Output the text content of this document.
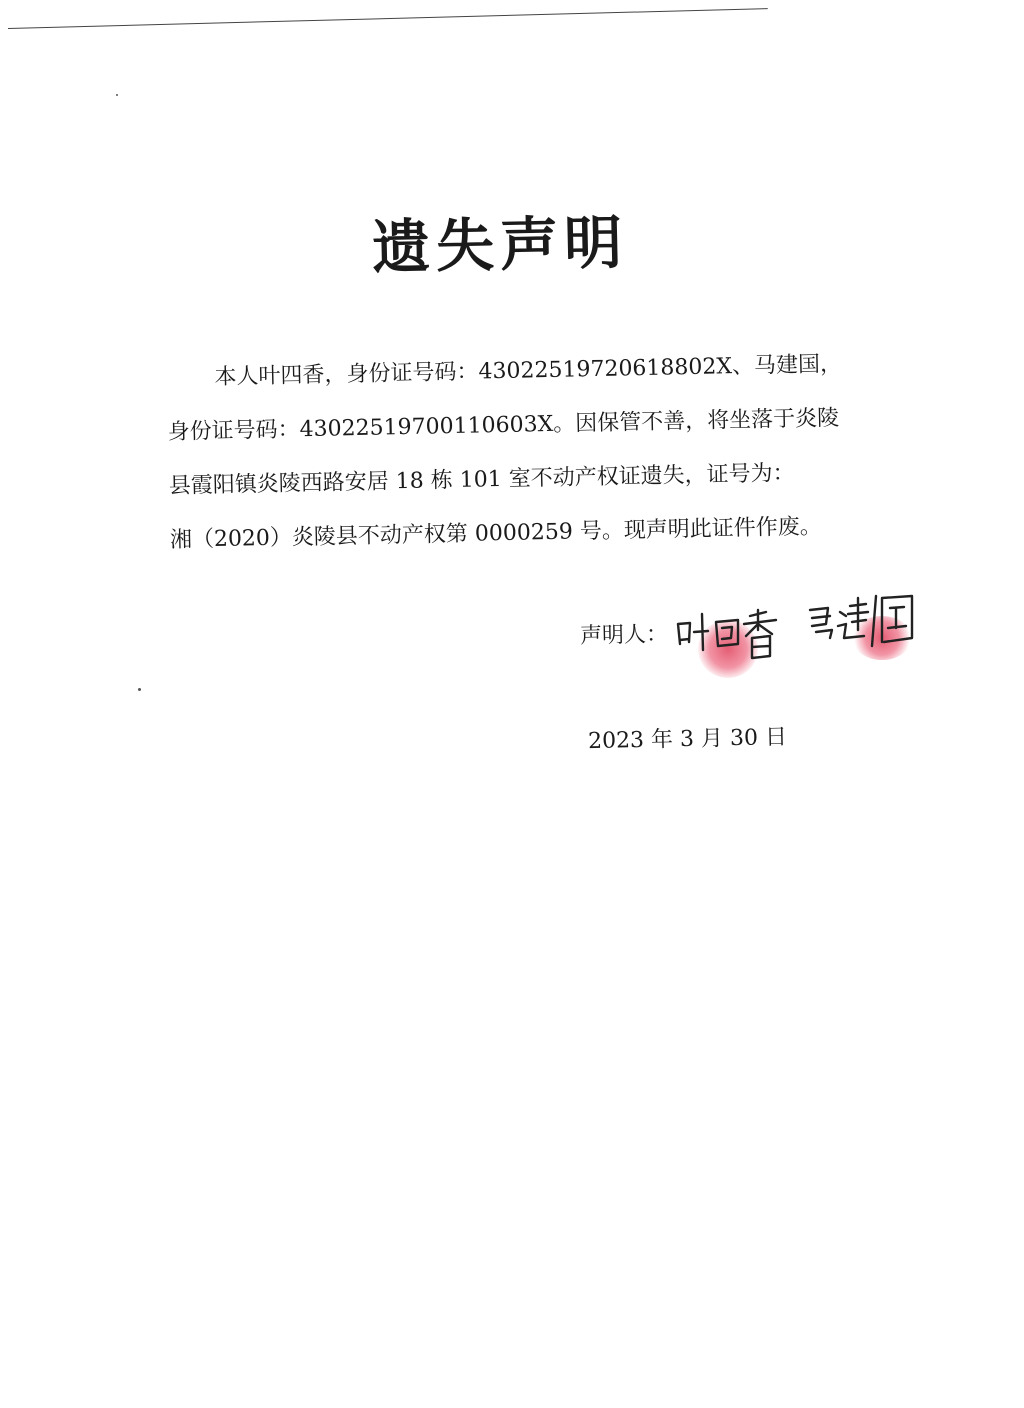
遗失声明
本人叶四香，身份证号码：43022519720618802X、马建国，
身份证号码：43022519700110603X。因保管不善，将坐落于炎陵
县霞阳镇炎陵西路安居 18 栋 101 室不动产权证遗失，证号为：
湘（2020）炎陵县不动产权第 0000259 号。现声明此证件作废。
声明人：
2023 年 3 月 30 日
